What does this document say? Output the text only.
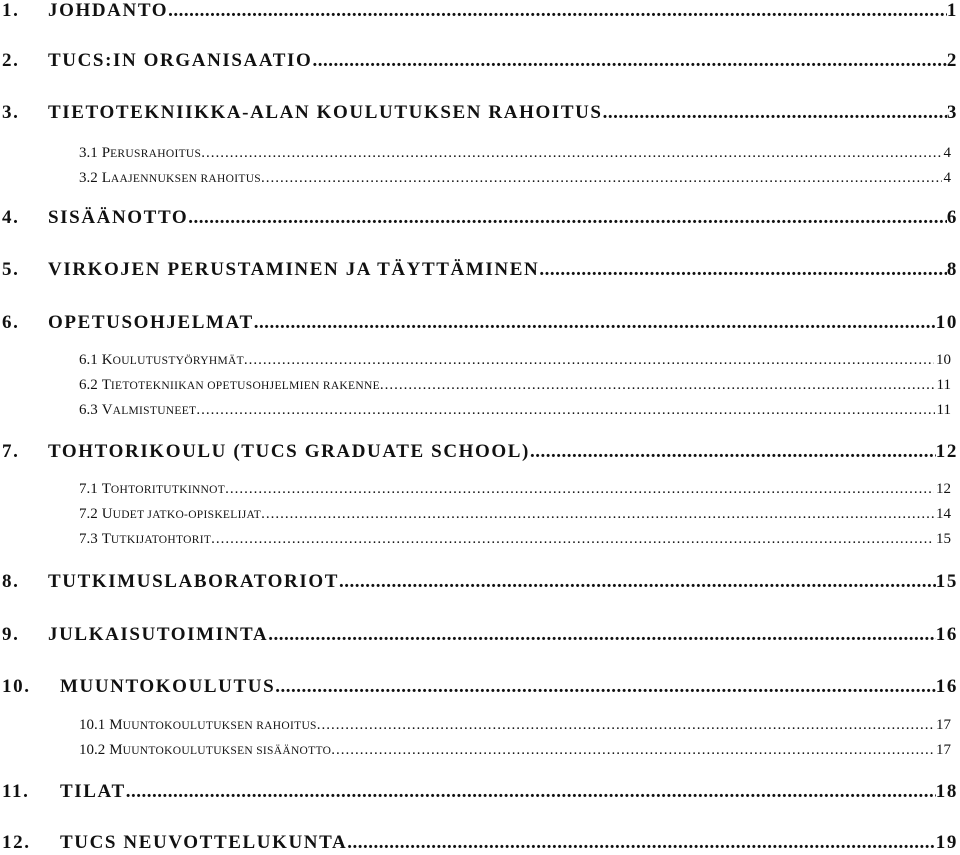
1.	JOHDANTO .....	1
2.	TUCS:IN ORGANISAATIO .....	2
3.	TIETOTEKNIIKKA-ALAN KOULUTUKSEN RAHOITUS .....	3
3.1 PERUSRAHOITUS .....	4
3.2 LAAJENNUKSEN RAHOITUS .....	4
4.	SISÄÄNOTTO .....	6
5.	VIRKOJEN PERUSTAMINEN JA TÄYTTÄMINEN .....	8
6.	OPETUSOHJELMAT .....	10
6.1 KOULUTUSTYÖRYHMÄT .....	10
6.2 TIETOTEKNIIKAN OPETUSOHJELMIEN RAKENNE .....	11
6.3 VALMISTUNEET .....	11
7.	TOHTORIKOULU (TUCS GRADUATE SCHOOL) .....	12
7.1 TOHTORITUTKINNOT .....	12
7.2 UUDET JATKO-OPISKELIJAT .....	14
7.3 TUTKIJATOHTORIT .....	15
8.	TUTKIMUSLABORATORIOT .....	15
9.	JULKAISUTOIMINTA .....	16
10.	MUUNTOKOULUTUS .....	16
10.1 MUUNTOKOULUTUKSEN RAHOITUS .....	17
10.2 MUUNTOKOULUTUKSEN SISÄÄNOTTO .....	17
11.	TILAT .....	18
12.	TUCS NEUVOTTELUKUNTA .....	19
